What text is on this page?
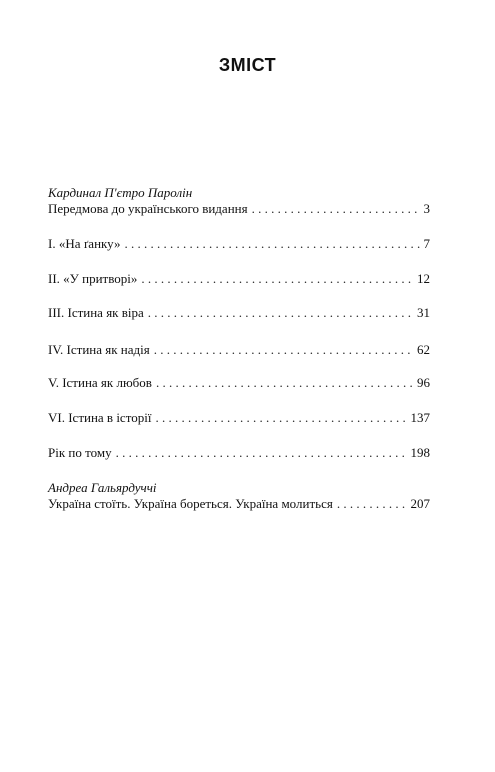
ЗМІСТ
Кардинал П'єтро Паролін
Передмова до українського видання . . .	3
I. «На ґанку» . . .	7
II. «У притворі» . . .	12
III. Істина як віра . . .	31
IV. Істина як надія . . .	62
V. Істина як любов . . .	96
VI. Істина в історії . . .	137
Рік по тому . . .	198
Андреа Гальярдуччі
Україна стоїть. Україна бореться. Україна молиться . . .	207
